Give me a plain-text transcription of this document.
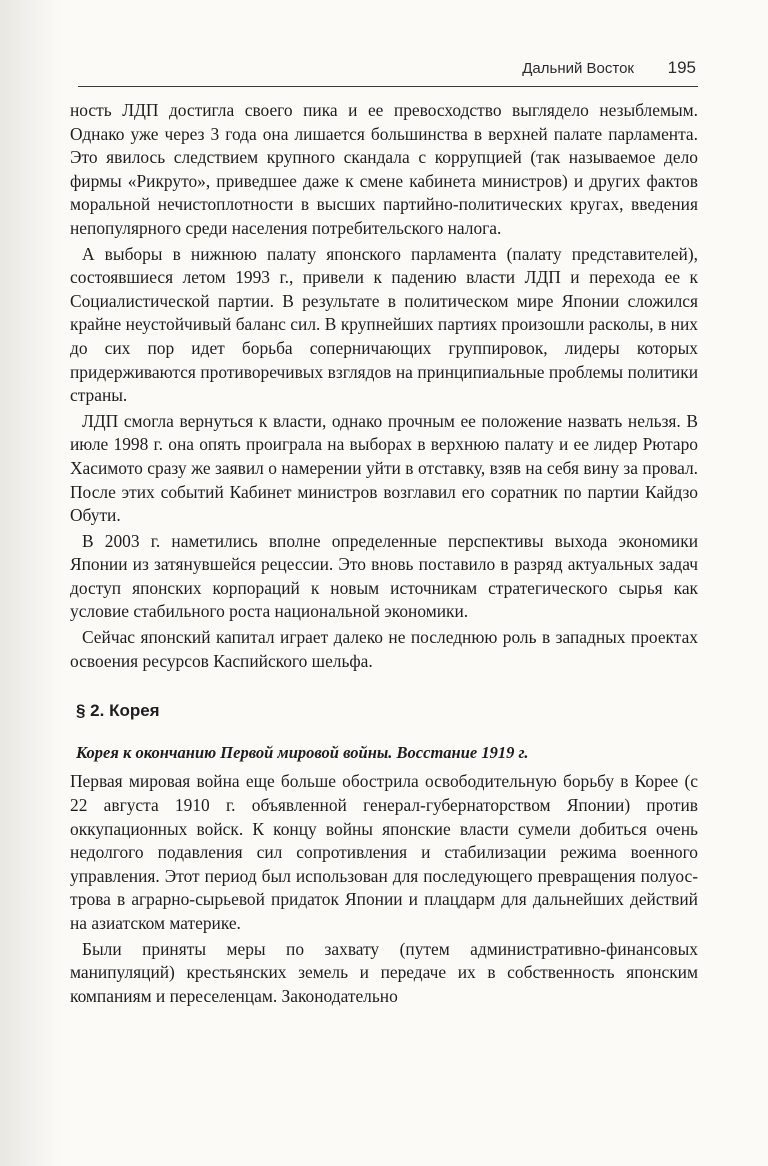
Дальний Восток 195

ность ЛДП достигла своего пика и ее превосходство выглядело незыблемым. Однако уже через 3 года она лишается большинства в верхней палате парламента. Это явилось следствием крупного скандала с коррупцией (так называемое дело фирмы «Рикруто», приведшее даже к смене кабинета министров) и других фактов моральной нечистоплотности в высших партийно-политических кругах, введения непопулярного среди населения потребительского налога.

А выборы в нижнюю палату японского парламента (палату представителей), состоявшиеся летом 1993 г., привели к падению власти ЛДП и перехода ее к Социалистической партии. В результате в политическом мире Японии сложился крайне неустойчивый баланс сил. В крупнейших партиях произошли расколы, в них до сих пор идет борьба соперничающих группировок, лидеры которых придерживаются противоречивых взглядов на принципиальные проблемы политики страны.

ЛДП смогла вернуться к власти, однако прочным ее положение назвать нельзя. В июле 1998 г. она опять проиграла на выборах в верхнюю палату и ее лидер Рютаро Хасимото сразу же заявил о намерении уйти в отставку, взяв на себя вину за провал. После этих событий Кабинет министров возглавил его соратник по партии Кайдзо Обути.

В 2003 г. наметились вполне определенные перспективы выхода экономики Японии из затянувшейся рецессии. Это вновь поставило в разряд актуальных задач доступ японских корпораций к новым источникам стратегического сырья как условие стабильного роста национальной экономики.

Сейчас японский капитал играет далеко не последнюю роль в западных проектах освоения ресурсов Каспийского шельфа.

§ 2. Корея
Корея к окончанию Первой мировой войны. Восстание 1919 г.

Первая мировая война еще больше обострила освободительную борьбу в Корее (с 22 августа 1910 г. объявленной генерал-губернаторством Японии) против оккупационных войск. К концу войны японские власти сумели добиться очень недолгого подавления сил сопротивления и стабилизации режима военного управления. Этот период был использован для последующего превращения полуострова в аграрно-сырьевой придаток Японии и плацдарм для дальнейших действий на азиатском материке.

Были приняты меры по захвату (путем административно-финансовых манипуляций) крестьянских земель и передаче их в собственность японским компаниям и переселенцам. Законодательно
